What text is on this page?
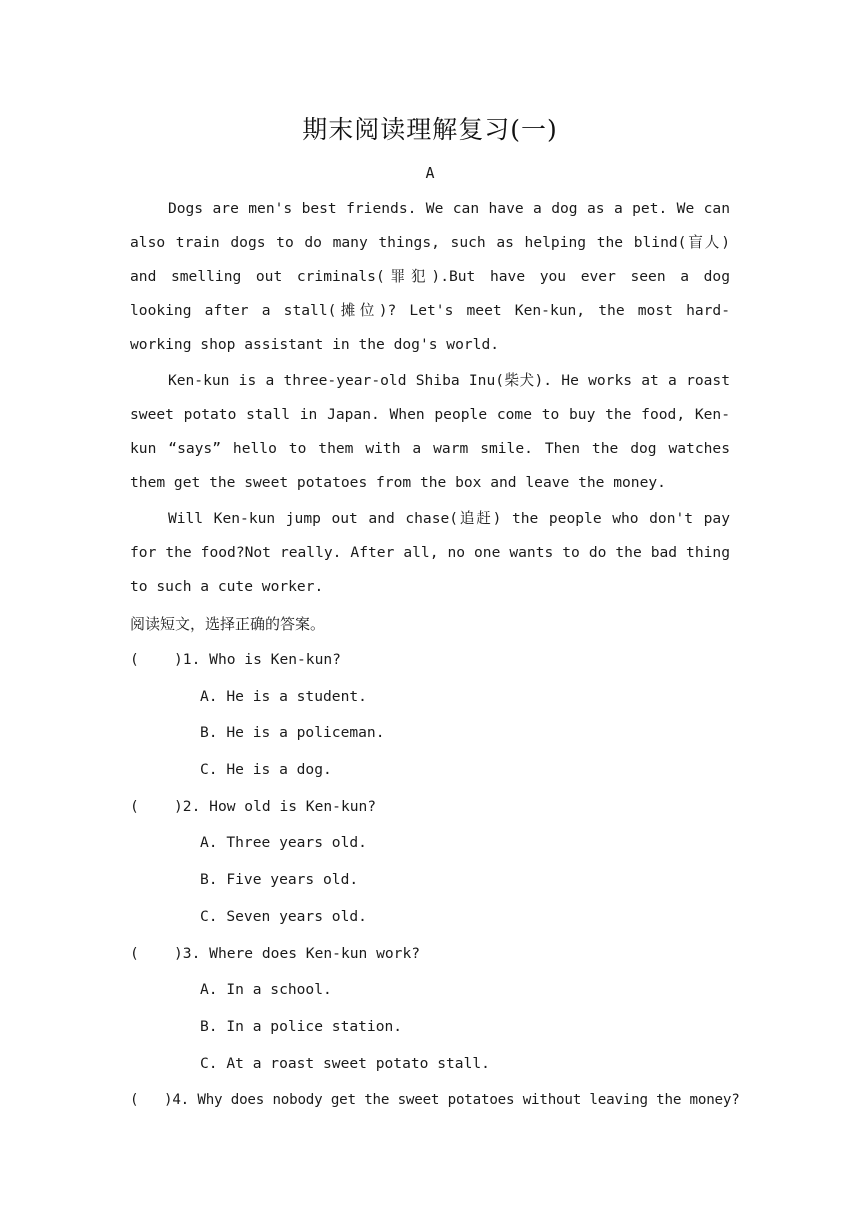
期末阅读理解复习(一)
A

Dogs are men's best friends. We can have a dog as a pet. We can also train dogs to do many things, such as helping the blind(盲人) and smelling out criminals(罪犯).But have you ever seen a dog looking after a stall(摊位)? Let's meet Ken-kun, the most hard-working shop assistant in the dog's world.

Ken-kun is a three-year-old Shiba Inu(柴犬). He works at a roast sweet potato stall in Japan. When people come to buy the food, Ken-kun “says” hello to them with a warm smile. Then the dog watches them get the sweet potatoes from the box and leave the money.

Will Ken-kun jump out and chase(追赶) the people who don't pay for the food?Not really. After all, no one wants to do the bad thing to such a cute worker.

阅读短文，选择正确的答案。
( )1. Who is Ken-kun?
A. He is a student.
B. He is a policeman.
C. He is a dog.
( )2. How old is Ken-kun?
A. Three years old.
B. Five years old.
C. Seven years old.
( )3. Where does Ken-kun work?
A. In a school.
B. In a police station.
C. At a roast sweet potato stall.
( )4. Why does nobody get the sweet potatoes without leaving the money?
